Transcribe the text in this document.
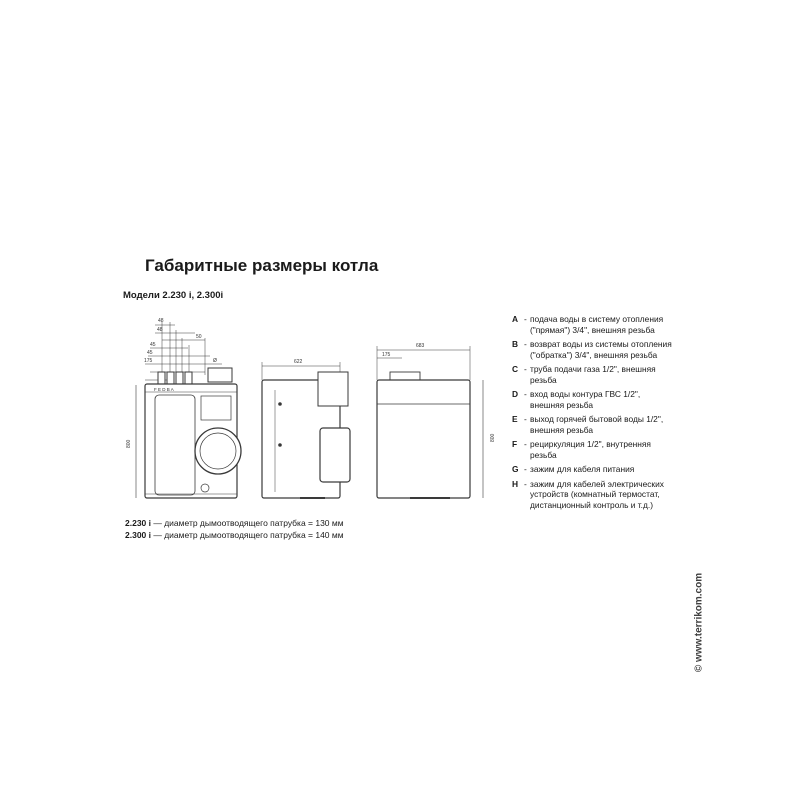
Габаритные размеры котла
Модели 2.230 i, 2.300i
48
48
50
45
45
175	Ø
800
F E D B A
622
683
175
800
2.230 i — диаметр дымоотводящего патрубка = 130 мм
2.300 i — диаметр дымоотводящего патрубка = 140 мм
A - подача воды в систему отопления ("прямая") 3/4", внешняя резьба
B - возврат воды из системы отопления ("обратка") 3/4", внешняя резьба
C - труба подачи газа 1/2", внешняя резьба
D - вход воды контура ГВС 1/2", внешняя резьба
E - выход горячей бытовой воды 1/2", внешняя резьба
F - рециркуляция 1/2", внутренняя резьба
G - зажим для кабеля питания
H - зажим для кабелей электрических устройств (комнатный термостат, дистанционный контроль и т.д.)
© www.terrikom.com
